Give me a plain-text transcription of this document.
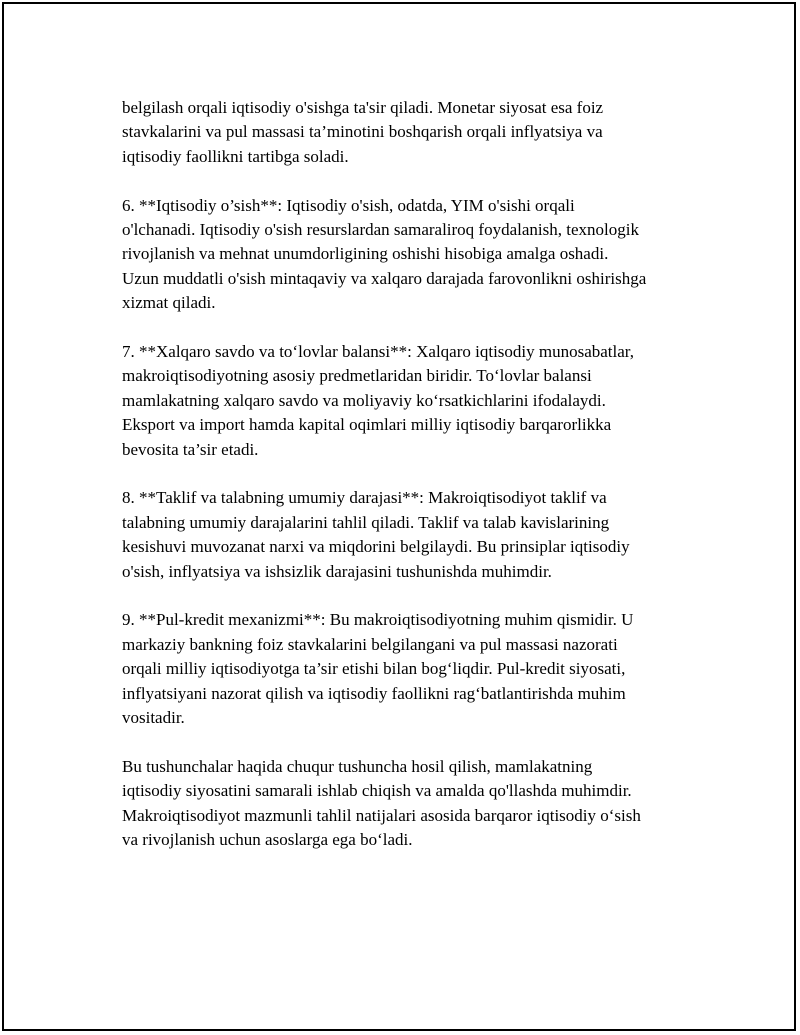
belgilash orqali iqtisodiy o'sishga ta'sir qiladi. Monetar siyosat esa foiz
stavkalarini va pul massasi ta’minotini boshqarish orqali inflyatsiya va
iqtisodiy faollikni tartibga soladi.

6. **Iqtisodiy o’sish**: Iqtisodiy o'sish, odatda, YIM o'sishi orqali
o'lchanadi. Iqtisodiy o'sish resurslardan samaraliroq foydalanish, texnologik
rivojlanish va mehnat unumdorligining oshishi hisobiga amalga oshadi.
Uzun muddatli o'sish mintaqaviy va xalqaro darajada farovonlikni oshirishga
xizmat qiladi.

7. **Xalqaro savdo va to‘lovlar balansi**: Xalqaro iqtisodiy munosabatlar,
makroiqtisodiyotning asosiy predmetlaridan biridir. To‘lovlar balansi
mamlakatning xalqaro savdo va moliyaviy ko‘rsatkichlarini ifodalaydi.
Eksport va import hamda kapital oqimlari milliy iqtisodiy barqarorlikka
bevosita ta’sir etadi.

8. **Taklif va talabning umumiy darajasi**: Makroiqtisodiyot taklif va
talabning umumiy darajalarini tahlil qiladi. Taklif va talab kavislarining
kesishuvi muvozanat narxi va miqdorini belgilaydi. Bu prinsiplar iqtisodiy
o'sish, inflyatsiya va ishsizlik darajasini tushunishda muhimdir.

9. **Pul-kredit mexanizmi**: Bu makroiqtisodiyotning muhim qismidir. U
markaziy bankning foiz stavkalarini belgilangani va pul massasi nazorati
orqali milliy iqtisodiyotga ta’sir etishi bilan bog‘liqdir. Pul-kredit siyosati,
inflyatsiyani nazorat qilish va iqtisodiy faollikni rag‘batlantirishda muhim
vositadir.

Bu tushunchalar haqida chuqur tushuncha hosil qilish, mamlakatning
iqtisodiy siyosatini samarali ishlab chiqish va amalda qo'llashda muhimdir.
Makroiqtisodiyot mazmunli tahlil natijalari asosida barqaror iqtisodiy o‘sish
va rivojlanish uchun asoslarga ega bo‘ladi.
